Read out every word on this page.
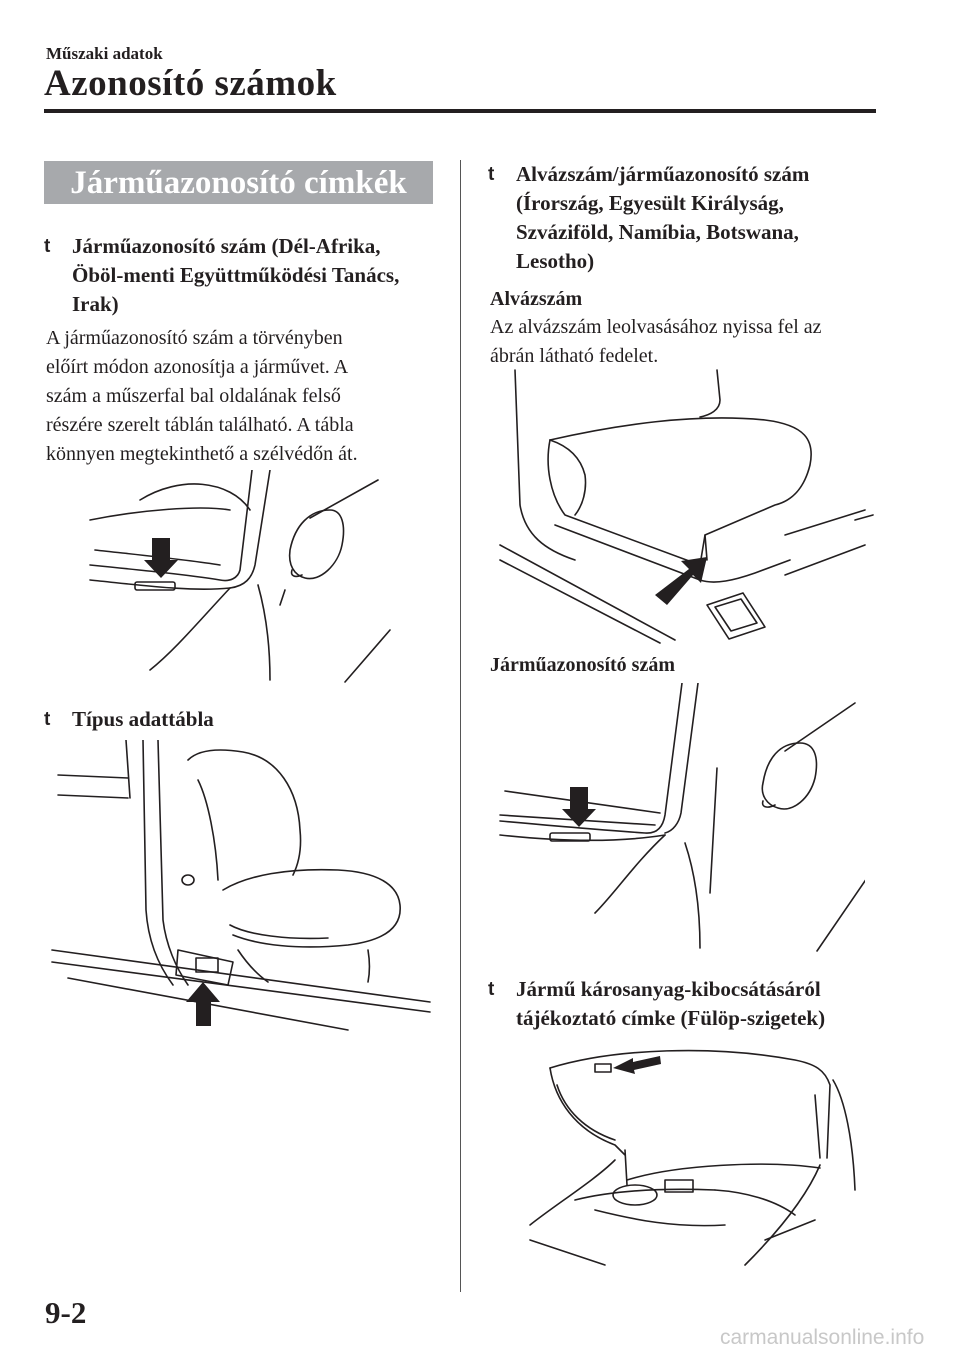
Műszaki adatok
Azonosító számok
Járműazonosító címkék
t	Járműazonosító szám (Dél-Afrika,
Öböl-menti Együttműködési Tanács,
Irak)
A járműazonosító szám a törvényben
előírt módon azonosítja a járművet. A
szám a műszerfal bal oldalának felső
részére szerelt táblán található. A tábla
könnyen megtekinthető a szélvédőn át.
t	Típus adattábla
t	Alvázszám/járműazonosító szám
(Írország, Egyesült Királyság,
Szváziföld, Namíbia, Botswana,
Lesotho)
Alvázszám
Az alvázszám leolvasásához nyissa fel az
ábrán látható fedelet.
Járműazonosító szám
t	Jármű károsanyag-kibocsátásáról
tájékoztató címke (Fülöp-szigetek)
9-2
carmanualsonline.info
